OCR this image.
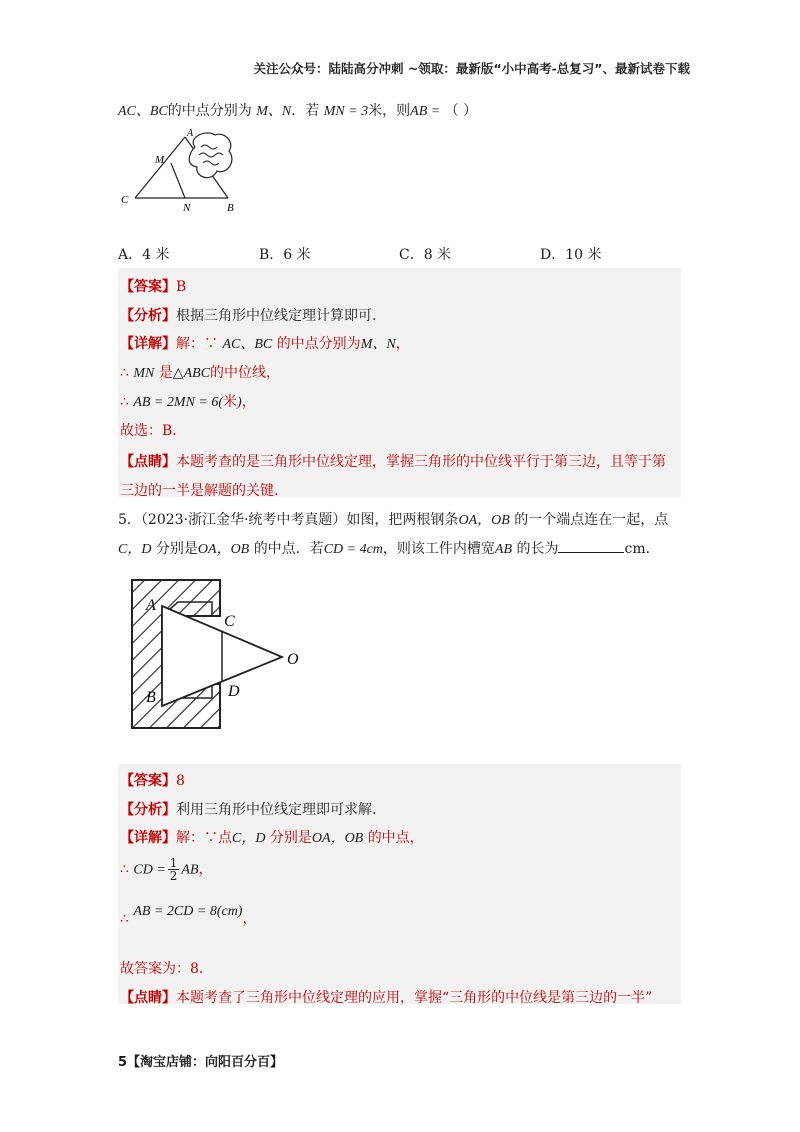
关注公众号：陆陆高分冲刺 ~领取：最新版“小中高考-总复习”、最新试卷下载
AC、BC的中点分别为 M、N．若 MN = 3米，则AB = （ ）
A
M
C
N	B
A．4 米	B．6 米	C．8 米	D．10 米
【答案】B
【分析】根据三角形中位线定理计算即可.
【详解】解：∵ AC、BC 的中点分别为M、N，
∴ MN 是△ABC的中位线，
∴ AB = 2MN = 6(米)，
故选：B．
【点睛】本题考查的是三角形中位线定理，掌握三角形的中位线平行于第三边，且等于第
三边的一半是解题的关键.
5．（2023·浙江金华·统考中考真题）如图，把两根钢条OA，OB 的一个端点连在一起，点
C，D 分别是OA，OB 的中点．若CD = 4cm，则该工件内槽宽AB 的长为	cm．
A
C
O
B	D
【答案】8
【分析】利用三角形中位线定理即可求解.
【详解】解：∵点C，D 分别是OA，OB 的中点，
∴ CD = $\frac{1}{2}$ AB，
∴ AB = 2CD = 8(cm)，
故答案为：8．
【点睛】本题考查了三角形中位线定理的应用，掌握“三角形的中位线是第三边的一半”
5【淘宝店铺：向阳百分百】
